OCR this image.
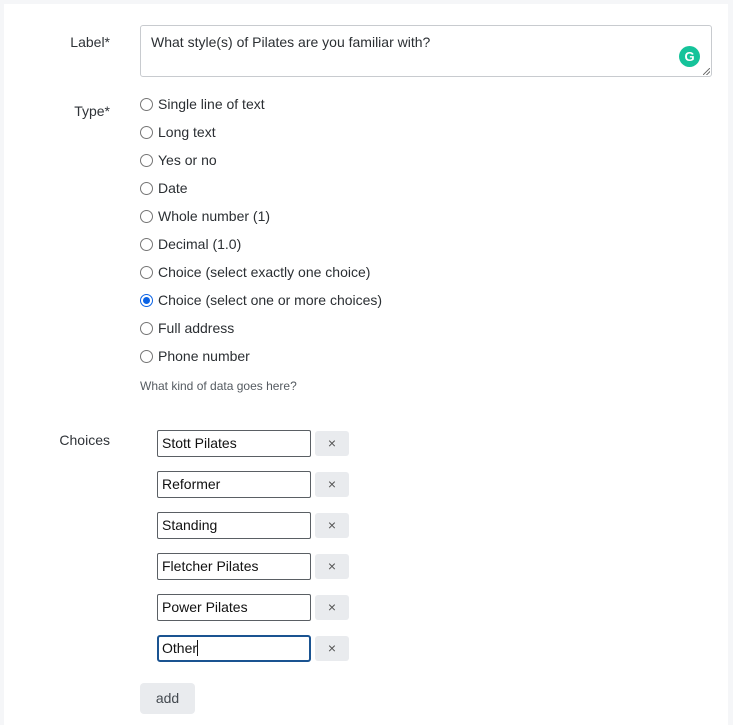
Label*	What style(s) of Pilates are you familiar with?
G
Type*	Single line of text
Long text
Yes or no
Date
Whole number (1)
Decimal (1.0)
Choice (select exactly one choice)
Choice (select one or more choices)
Full address
Phone number
What kind of data goes here?
Choices	Stott Pilates	×
Reformer	×
Standing	×
Fletcher Pilates	×
Power Pilates	×
Other	×
add
